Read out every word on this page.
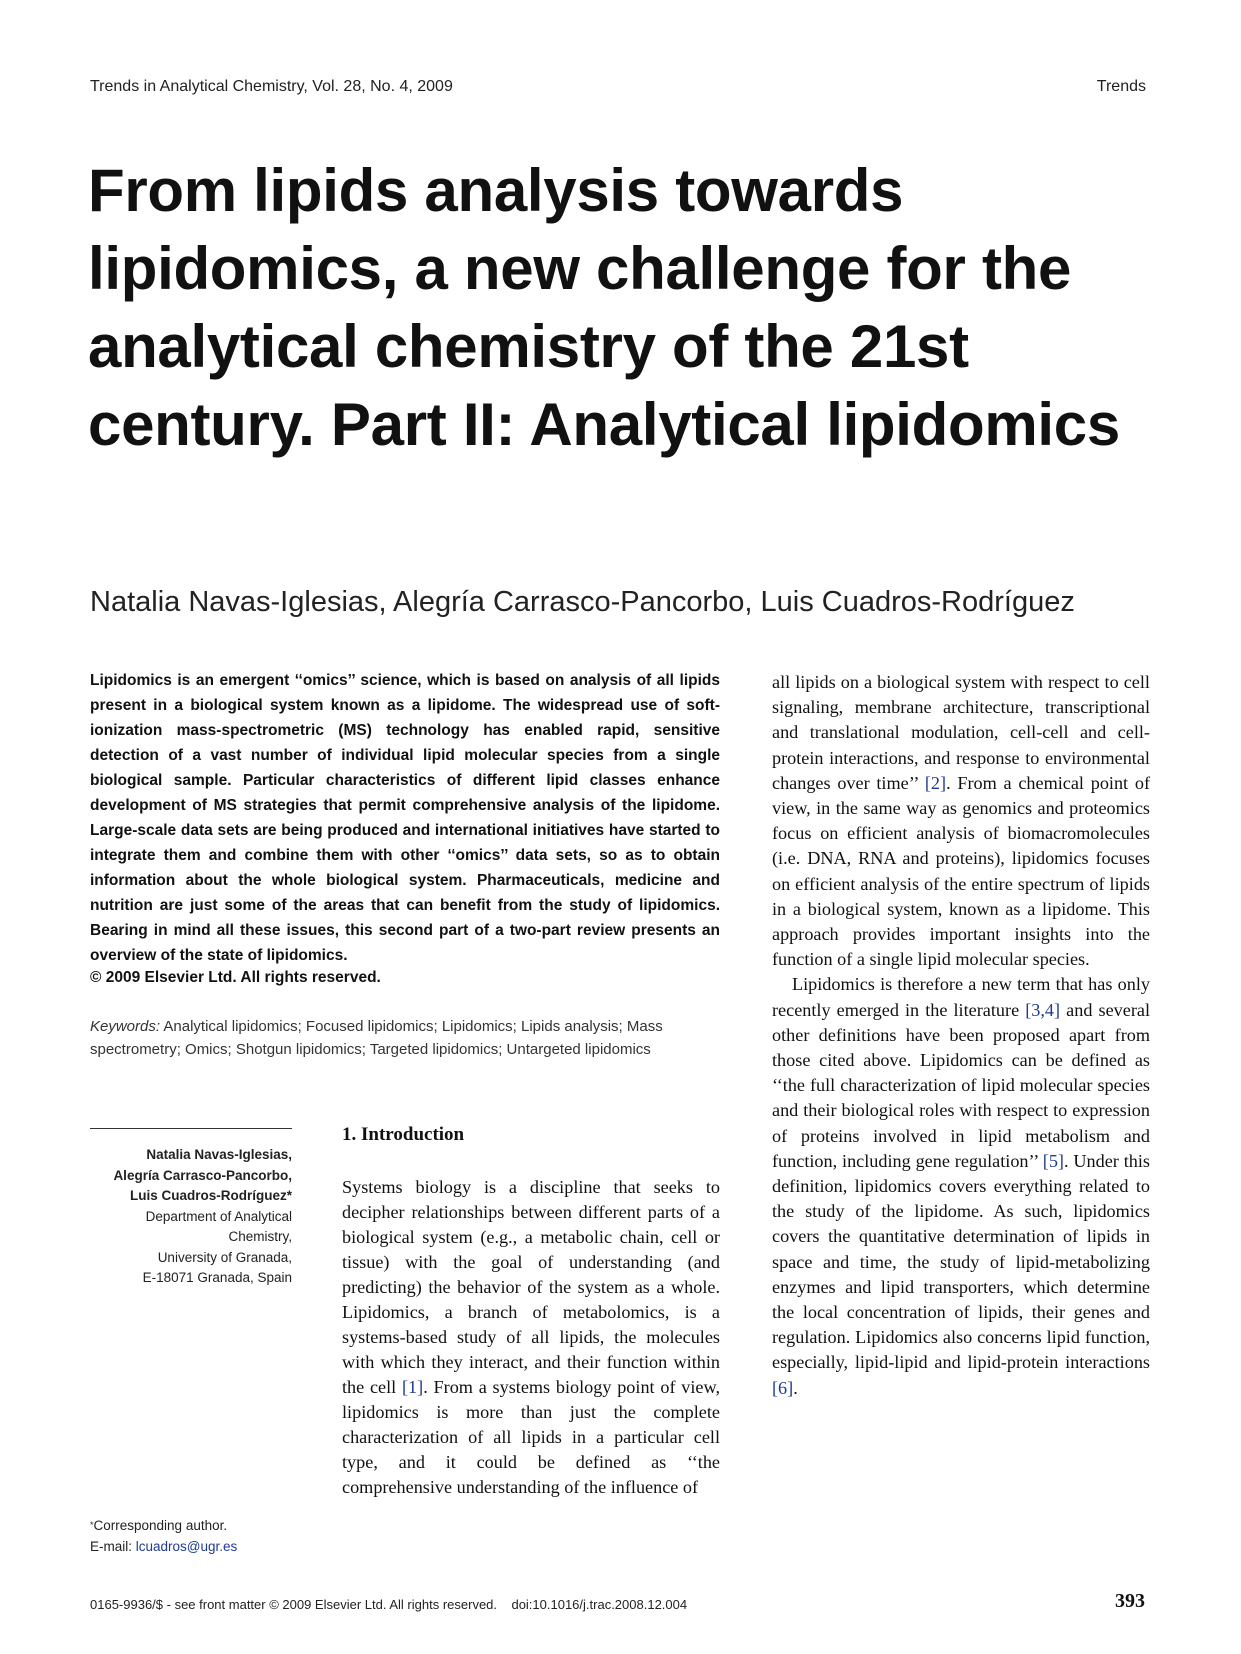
Trends in Analytical Chemistry, Vol. 28, No. 4, 2009	Trends
From lipids analysis towards lipidomics, a new challenge for the analytical chemistry of the 21st century. Part II: Analytical lipidomics
Natalia Navas-Iglesias, Alegría Carrasco-Pancorbo, Luis Cuadros-Rodríguez

Lipidomics is an emergent ‘‘omics’’ science, which is based on analysis of all lipids present in a biological system known as a lipidome. The widespread use of soft-ionization mass-spectrometric (MS) technology has enabled rapid, sensitive detection of a vast number of individual lipid molecular species from a single biological sample. Particular characteristics of different lipid classes enhance development of MS strategies that permit comprehensive analysis of the lipidome. Large-scale data sets are being produced and international initiatives have started to integrate them and combine them with other ‘‘omics’’ data sets, so as to obtain information about the whole biological system. Pharmaceuticals, medicine and nutrition are just some of the areas that can benefit from the study of lipidomics. Bearing in mind all these issues, this second part of a two-part review presents an overview of the state of lipidomics.

© 2009 Elsevier Ltd. All rights reserved.

Keywords: Analytical lipidomics; Focused lipidomics; Lipidomics; Lipids analysis; Mass spectrometry; Omics; Shotgun lipidomics; Targeted lipidomics; Untargeted lipidomics

Natalia Navas-Iglesias,
Alegría Carrasco-Pancorbo,
Luis Cuadros-Rodríguez*
Department of Analytical Chemistry,
University of Granada,
E-18071 Granada, Spain
*Corresponding author.
E-mail: lcuadros@ugr.es
1. Introduction

Systems biology is a discipline that seeks to decipher relationships between different parts of a biological system (e.g., a metabolic chain, cell or tissue) with the goal of understanding (and predicting) the behavior of the system as a whole. Lipidomics, a branch of metabolomics, is a systems-based study of all lipids, the molecules with which they interact, and their function within the cell [1]. From a systems biology point of view, lipidomics is more than just the complete characterization of all lipids in a particular cell type, and it could be defined as ‘‘the comprehensive understanding of the influence of

all lipids on a biological system with respect to cell signaling, membrane architecture, transcriptional and translational modulation, cell-cell and cell-protein interactions, and response to environmental changes over time’’ [2]. From a chemical point of view, in the same way as genomics and proteomics focus on efficient analysis of biomacromolecules (i.e. DNA, RNA and proteins), lipidomics focuses on efficient analysis of the entire spectrum of lipids in a biological system, known as a lipidome. This approach provides important insights into the function of a single lipid molecular species.

Lipidomics is therefore a new term that has only recently emerged in the literature [3,4] and several other definitions have been proposed apart from those cited above. Lipidomics can be defined as ‘‘the full characterization of lipid molecular species and their biological roles with respect to expression of proteins involved in lipid metabolism and function, including gene regulation’’ [5]. Under this definition, lipidomics covers everything related to the study of the lipidome. As such, lipidomics covers the quantitative determination of lipids in space and time, the study of lipid-metabolizing enzymes and lipid transporters, which determine the local concentration of lipids, their genes and regulation. Lipidomics also concerns lipid function, especially, lipid-lipid and lipid-protein interactions [6].

0165-9936/$ - see front matter © 2009 Elsevier Ltd. All rights reserved.    doi:10.1016/j.trac.2008.12.004	393
